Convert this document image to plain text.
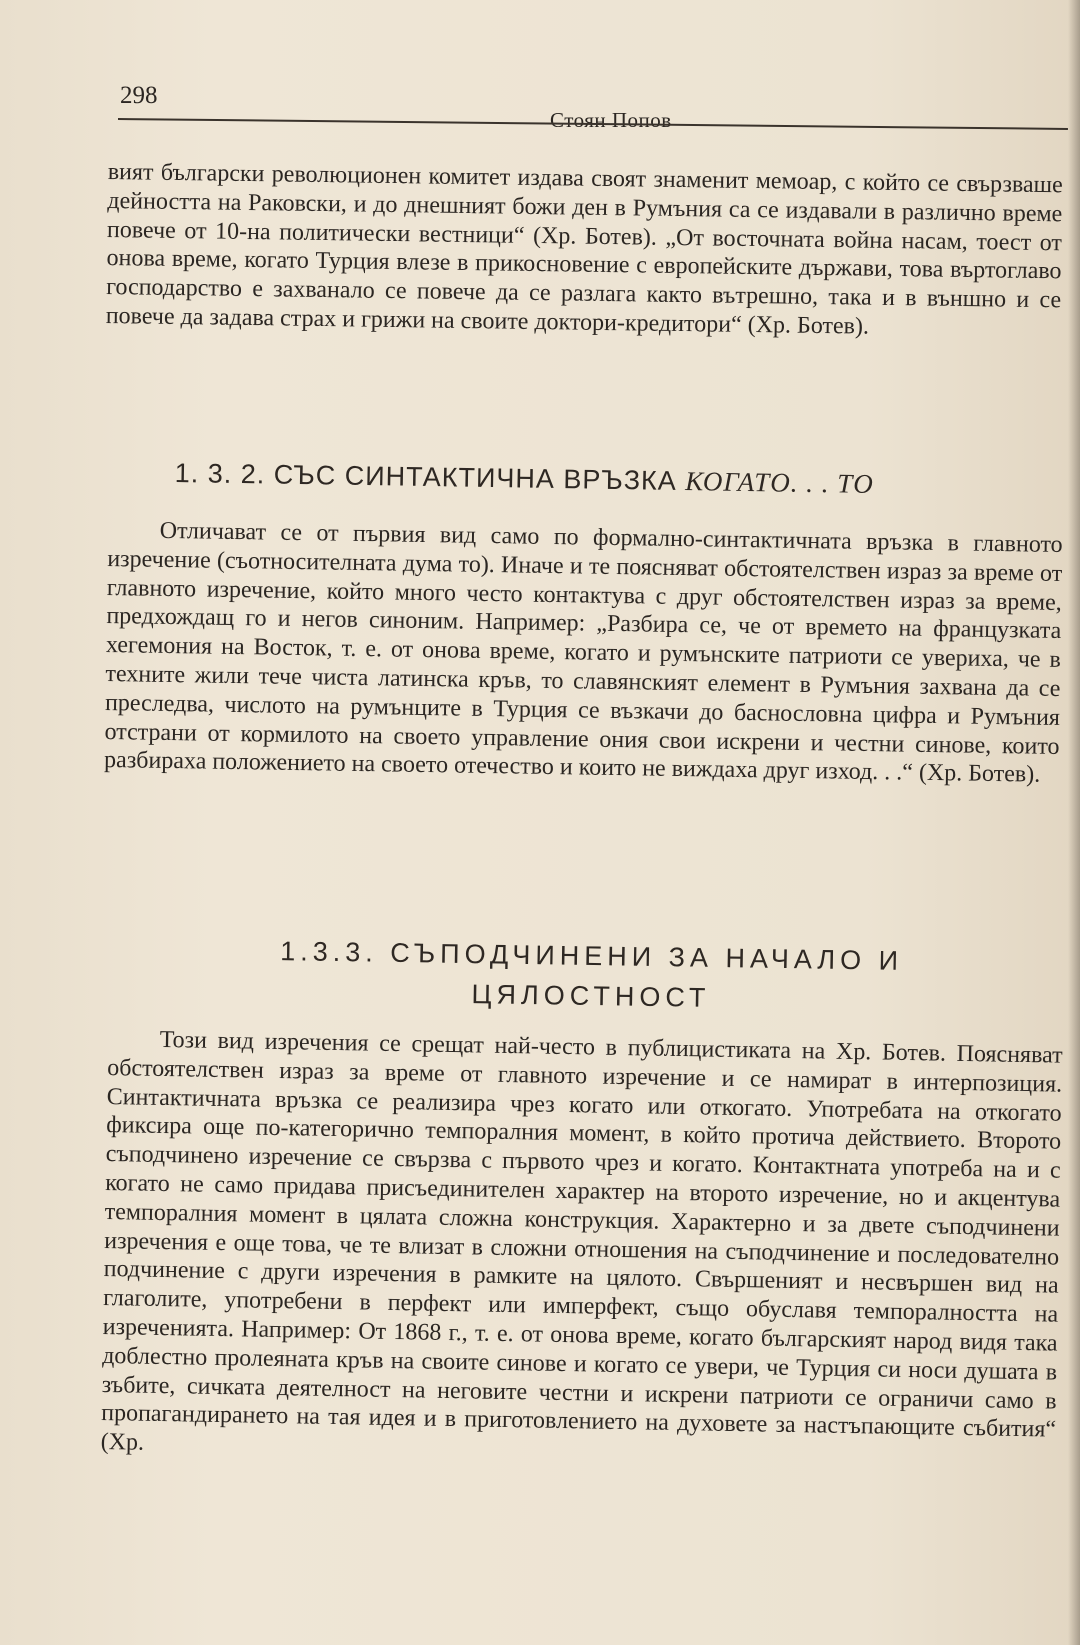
298
Стоян Попов

вият български революционен комитет издава своят знаменит мемоар, с който се свързваше дейността на Раковски, и до днешният божи ден в Румъния са се издавали в различно време повече от 10-на политически вестници“ (Хр. Ботев). „От восточната война насам, тоест от онова време, когато Турция влезе в прикосновение с европейските държави, това въртоглаво господарство е захванало се повече да се разлага както вътрешно, така и в външно и се повече да задава страх и грижи на своите доктори-кредитори“ (Хр. Ботев).

1. 3. 2. СЪС СИНТАКТИЧНА ВРЪЗКА КОГАТО. . . ТО

Отличават се от първия вид само по формално-синтактичната връзка в главното изречение (съотносителната дума то). Иначе и те поясняват обстоятелствен израз за време от главното изречение, който много често контактува с друг обстоятелствен израз за време, предхождащ го и негов синоним. Например: „Разбира се, че от времето на французката хегемония на Восток, т. е. от онова време, когато и румънските патриоти се увериха, че в техните жили тече чиста латинска кръв, то славянският елемент в Румъния захвана да се преследва, числото на румънците в Турция се възкачи до баснословна цифра и Румъния отстрани от кормилото на своето управление ония свои искрени и честни синове, които разбираха положението на своето отечество и които не виждаха друг изход. . .“ (Хр. Ботев).

1.3.3. СЪПОДЧИНЕНИ ЗА НАЧАЛО И
ЦЯЛОСТНОСТ

Този вид изречения се срещат най-често в публицистиката на Хр. Ботев. Поясняват обстоятелствен израз за време от главното изречение и се намират в интерпозиция. Синтактичната връзка се реализира чрез когато или откогато. Употребата на откогато фиксира още по-категорично темпоралния момент, в който протича действието. Второто съподчинено изречение се свързва с първото чрез и когато. Контактната употреба на и с когато не само придава присъединителен характер на второто изречение, но и акцентува темпоралния момент в цялата сложна конструкция. Характерно и за двете съподчинени изречения е още това, че те влизат в сложни отношения на съподчинение и последователно подчинение с други изречения в рамките на цялото. Свършеният и несвършен вид на глаголите, употребени в перфект или имперфект, също обуславя темпоралността на изреченията. Например: От 1868 г., т. е. от онова време, когато българският народ видя така доблестно пролеяната кръв на своите синове и когато се увери, че Турция си носи душата в зъбите, сичката деятелност на неговите честни и искрени патриоти се ограничи само в пропагандирането на тая идея и в приготовлението на духовете за настъпающите събития“ (Хр.
